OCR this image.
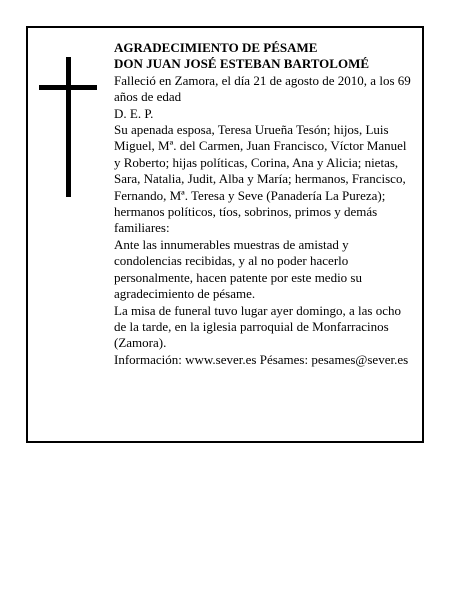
AGRADECIMIENTO DE PÉSAME

DON JUAN JOSÉ ESTEBAN BARTOLOMÉ

Falleció en Zamora, el día 21 de agosto de 2010, a los 69 años de edad

D. E. P.

Su apenada esposa, Teresa Urueña Tesón; hijos, Luis Miguel, Mª. del Carmen, Juan Francisco, Víctor Manuel y Roberto; hijas políticas, Corina, Ana y Alicia; nietas, Sara, Natalia, Judit, Alba y María; hermanos, Francisco, Fernando, Mª. Teresa y Seve (Panadería La Pureza); hermanos políticos, tíos, sobrinos, primos y demás familiares:

Ante las innumerables muestras de amistad y condolencias recibidas, y al no poder hacerlo personalmente, hacen patente por este medio su agradecimiento de pésame.

La misa de funeral tuvo lugar ayer domingo, a las ocho de la tarde, en la iglesia parroquial de Monfarracinos (Zamora).

Información: www.sever.es Pésames: pesames@sever.es
